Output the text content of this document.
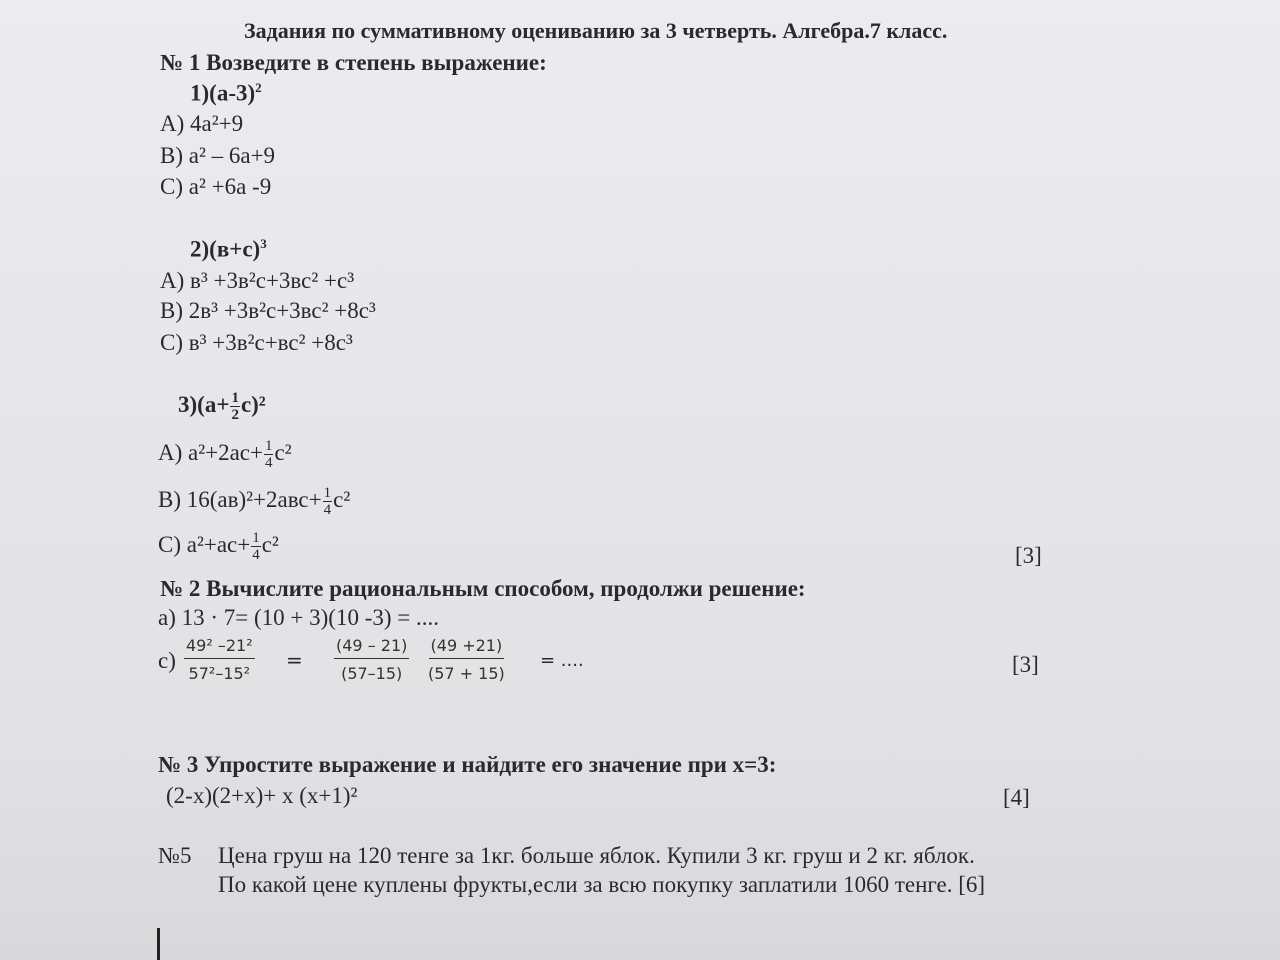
Задания по суммативному оцениванию за 3 четверть. Алгебра.7 класс.
№ 1 Возведите в степень выражение:
$1)(а-3)^2$
А) 4а²+9
В) а² – 6а+9
С) а² +6а -9
$2)(в+с)^3$
А) в³ +3в²с+3вс² +с³
В) 2в³ +3в²с+3вс² +8с³
С) в³ +3в²с+вс² +8с³
$3)(а+ \frac{1}{2} с)^2$
А) $а^2+2ас+ \frac{1}{4} с^2$
В) $16(ав)^2+2авс+ \frac{1}{4} с^2$
С) $а^2+ас+ \frac{1}{4} с^2$	[3]
№ 2 Вычислите рациональным способом, продолжи решение:
а) 13 · 7= (10 + 3)(10 -3) = ....
$с) \frac{\text{49² –21²}}{\text{57²–15²}} = \frac{(49 - 21)}{(57-15)} \frac{(49 +21)}{(57 + 15)}$ = ....	[3]
№ 3 Упростите выражение и найдите его значение при х=3:
(2-х)(2+х)+ х (х+1)²	[4]
№5 Цена груш на 120 тенге за 1кг. больше яблок. Купили 3 кг. груш и 2 кг. яблок.
По какой цене куплены фрукты,если за всю покупку заплатили 1060 тенге. [6]
